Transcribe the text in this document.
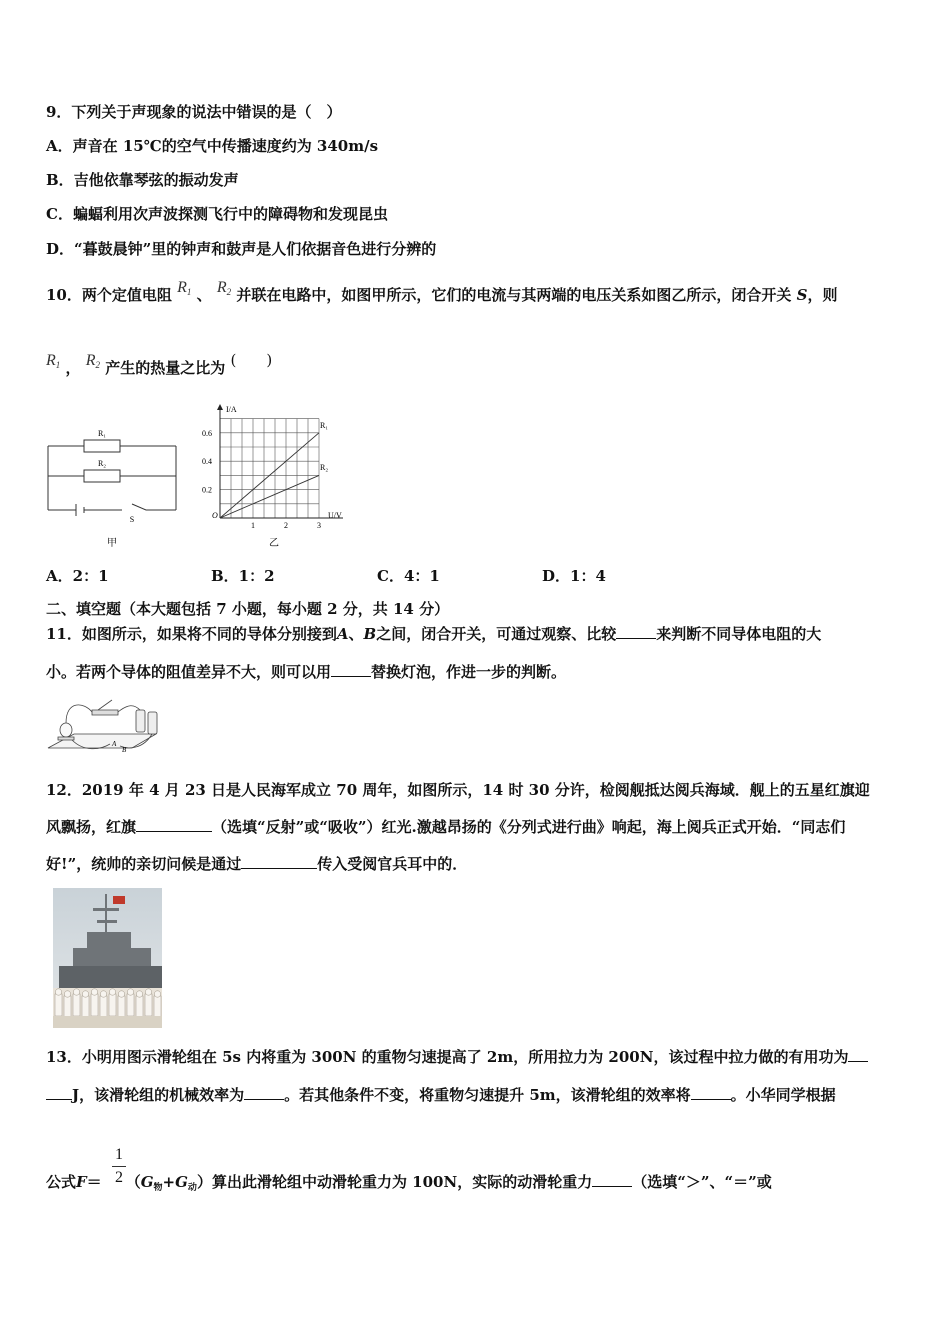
9．下列关于声现象的说法中错误的是（　）
A．声音在 15℃的空气中传播速度约为 340m/s
B．吉他依靠琴弦的振动发声
C．蝙蝠利用次声波探测飞行中的障碍物和发现昆虫
D．“暮鼓晨钟”里的钟声和鼓声是人们依据音色进行分辨的
10．两个定值电阻 $R_1$ 、 $R_2$ 并联在电路中，如图甲所示，它们的电流与其两端的电压关系如图乙所示，闭合开关 S，则
$R_1$ ， $R_2$ 产生的热量之比为 (　　)
R₁
R₂
S
甲
0.6
0.4
0.2
1	2	3
I/A
U/V
O
R₁
R₂
乙
A．2：1	B．1：2	C．4：1	D．1：4
二、填空题（本大题包括 7 小题，每小题 2 分，共 14 分）
11．如图所示，如果将不同的导体分别接到A、B之间，闭合开关，可通过观察、比较	来判断不同导体电阻的大
小。若两个导体的阻值差异不大，则可以用	替换灯泡，作进一步的判断。
A
B
12．2019 年 4 月 23 日是人民海军成立 70 周年，如图所示，14 时 30 分许，检阅舰抵达阅兵海域．舰上的五星红旗迎
风飘扬，红旗	（选填“反射”或“吸收”）红光.激越昂扬的《分列式进行曲》响起，海上阅兵正式开始．“同志们
好!”，统帅的亲切问候是通过	传入受阅官兵耳中的．
13．小明用图示滑轮组在 5s 内将重为 300N 的重物匀速提高了 2m，所用拉力为 200N，该过程中拉力做的有用功为
J，该滑轮组的机械效率为	。若其他条件不变，将重物匀速提升 5m，该滑轮组的效率将	。小华同学根据
1
2
公式$F= (G_物+G_动)$算出此滑轮组中动滑轮重力为 100N，实际的动滑轮重力	（选填“＞”、“＝”或
